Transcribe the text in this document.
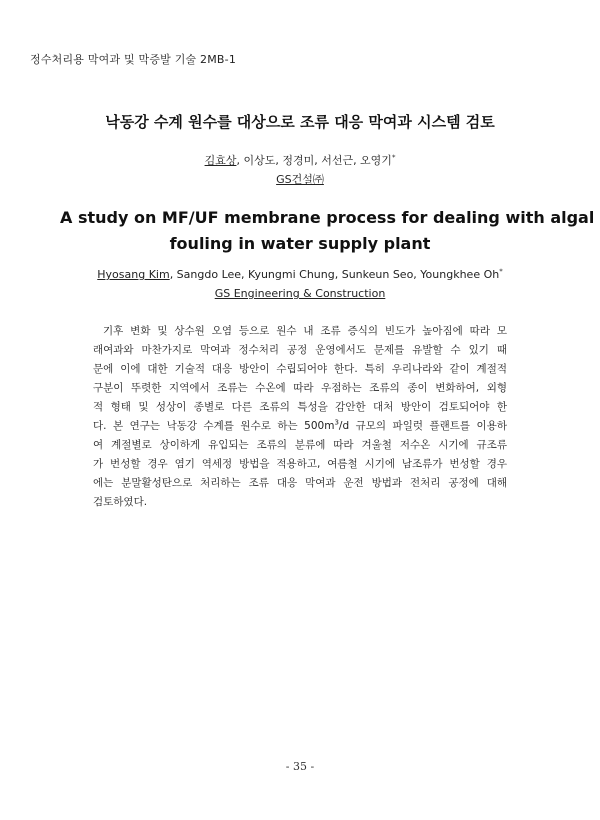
정수처리용 막여과 및 막증발 기술 2MB-1
낙동강 수계 원수를 대상으로 조류 대응 막여과 시스템 검토
김효상, 이상도, 정경미, 서선근, 오영기*
GS건설㈜
A study on MF/UF membrane process for dealing with algal
fouling in water supply plant
Hyosang Kim, Sangdo Lee, Kyungmi Chung, Sunkeun Seo, Youngkhee Oh*
GS Engineering & Construction
기후 변화 및 상수원 오염 등으로 원수 내 조류 증식의 빈도가 높아짐에 따라 모
래여과와 마찬가지로 막여과 정수처리 공정 운영에서도 문제를 유발할 수 있기 때
문에 이에 대한 기술적 대응 방안이 수립되어야 한다. 특히 우리나라와 같이 계절적
구분이 뚜렷한 지역에서 조류는 수온에 따라 우점하는 조류의 종이 변화하여, 외형
적 형태 및 성상이 종별로 다른 조류의 특성을 감안한 대처 방안이 검토되어야 한
다. 본 연구는 낙동강 수계를 원수로 하는 $500m^3/d$ 규모의 파일럿 플랜트를 이용하
여 계절별로 상이하게 유입되는 조류의 분류에 따라 겨울철 저수온 시기에 규조류
가 번성할 경우 염기 역세정 방법을 적용하고, 여름철 시기에 남조류가 번성할 경우
에는 분말활성탄으로 처리하는 조류 대응 막여과 운전 방법과 전처리 공정에 대해
검토하였다.
- 35 -
